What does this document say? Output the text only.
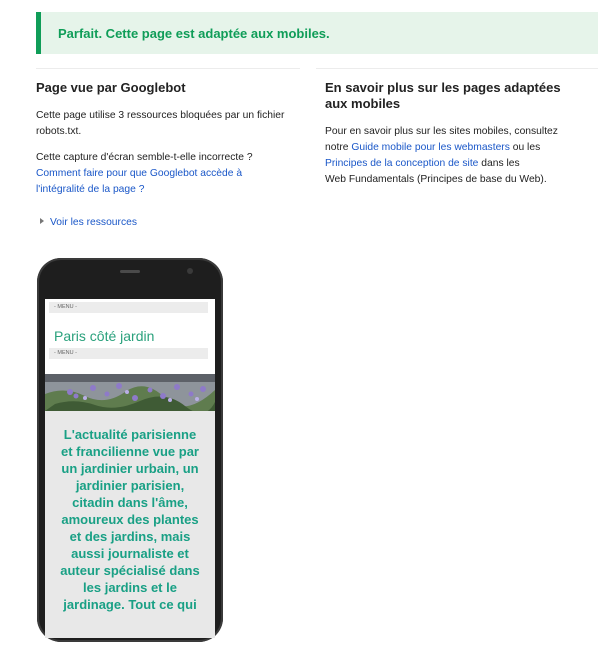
Parfait. Cette page est adaptée aux mobiles.
Page vue par Googlebot
Cette page utilise 3 ressources bloquées par un fichier
robots.txt.
Cette capture d'écran semble-t-elle incorrecte ?
Comment faire pour que Googlebot accède à
l'intégralité de la page ?
Voir les ressources
En savoir plus sur les pages adaptées
aux mobiles
Pour en savoir plus sur les sites mobiles, consultez
notre Guide mobile pour les webmasters ou les
Principes de la conception de site dans les
Web Fundamentals (Principes de base du Web).
- MENU -
Paris côté jardin
- MENU -
L'actualité parisienne
et francilienne vue par
un jardinier urbain, un
jardinier parisien,
citadin dans l'âme,
amoureux des plantes
et des jardins, mais
aussi journaliste et
auteur spécialisé dans
les jardins et le
jardinage. Tout ce qui
